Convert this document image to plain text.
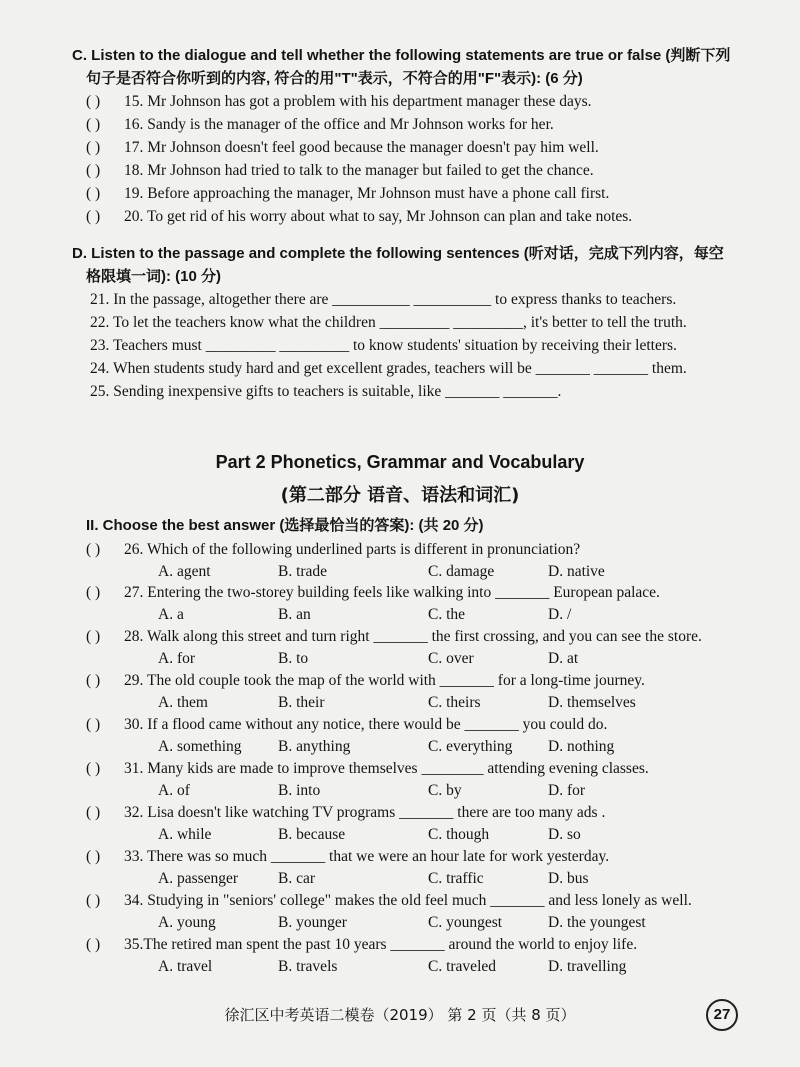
C. Listen to the dialogue and tell whether the following statements are true or false (判断下列
句子是否符合你听到的内容, 符合的用"T"表示，不符合的用"F"表示): (6 分)
( ) 15. Mr Johnson has got a problem with his department manager these days.
( ) 16. Sandy is the manager of the office and Mr Johnson works for her.
( ) 17. Mr Johnson doesn't feel good because the manager doesn't pay him well.
( ) 18. Mr Johnson had tried to talk to the manager but failed to get the chance.
( ) 19. Before approaching the manager, Mr Johnson must have a phone call first.
( ) 20. To get rid of his worry about what to say, Mr Johnson can plan and take notes.
D. Listen to the passage and complete the following sentences (听对话，完成下列内容，每空
格限填一词): (10 分)
21. In the passage, altogether there are __________ __________ to express thanks to teachers.
22. To let the teachers know what the children _________ _________, it's better to tell the truth.
23. Teachers must _________ _________ to know students' situation by receiving their letters.
24. When students study hard and get excellent grades, teachers will be _______ _______ them.
25. Sending inexpensive gifts to teachers is suitable, like _______ _______.
Part 2 Phonetics, Grammar and Vocabulary
(第二部分 语音、语法和词汇)
II. Choose the best answer (选择最恰当的答案): (共 20 分)
( ) 26. Which of the following underlined parts is different in pronunciation?
A. agent	B. trade	C. damage	D. native
( ) 27. Entering the two-storey building feels like walking into _______ European palace.
A. a	B. an	C. the	D. /
( ) 28. Walk along this street and turn right _______ the first crossing, and you can see the store.
A. for	B. to	C. over	D. at
( ) 29. The old couple took the map of the world with _______ for a long-time journey.
A. them	B. their	C. theirs	D. themselves
( ) 30. If a flood came without any notice, there would be _______ you could do.
A. something B. anything	C. everything D. nothing
( ) 31. Many kids are made to improve themselves ________ attending evening classes.
A. of	B. into	C. by	D. for
( ) 32. Lisa doesn't like watching TV programs _______ there are too many ads .
A. while	B. because	C. though	D. so
( ) 33. There was so much _______ that we were an hour late for work yesterday.
A. passenger	B. car	C. traffic	D. bus
( ) 34. Studying in "seniors' college" makes the old feel much _______ and less lonely as well.
A. young	B. younger	C. youngest	D. the youngest
( ) 35.The retired man spent the past 10 years _______ around the world to enjoy life.
A. travel	B. travels	C. traveled	D. travelling
徐汇区中考英语二模卷（2019） 第 2 页（共 8 页）	27
